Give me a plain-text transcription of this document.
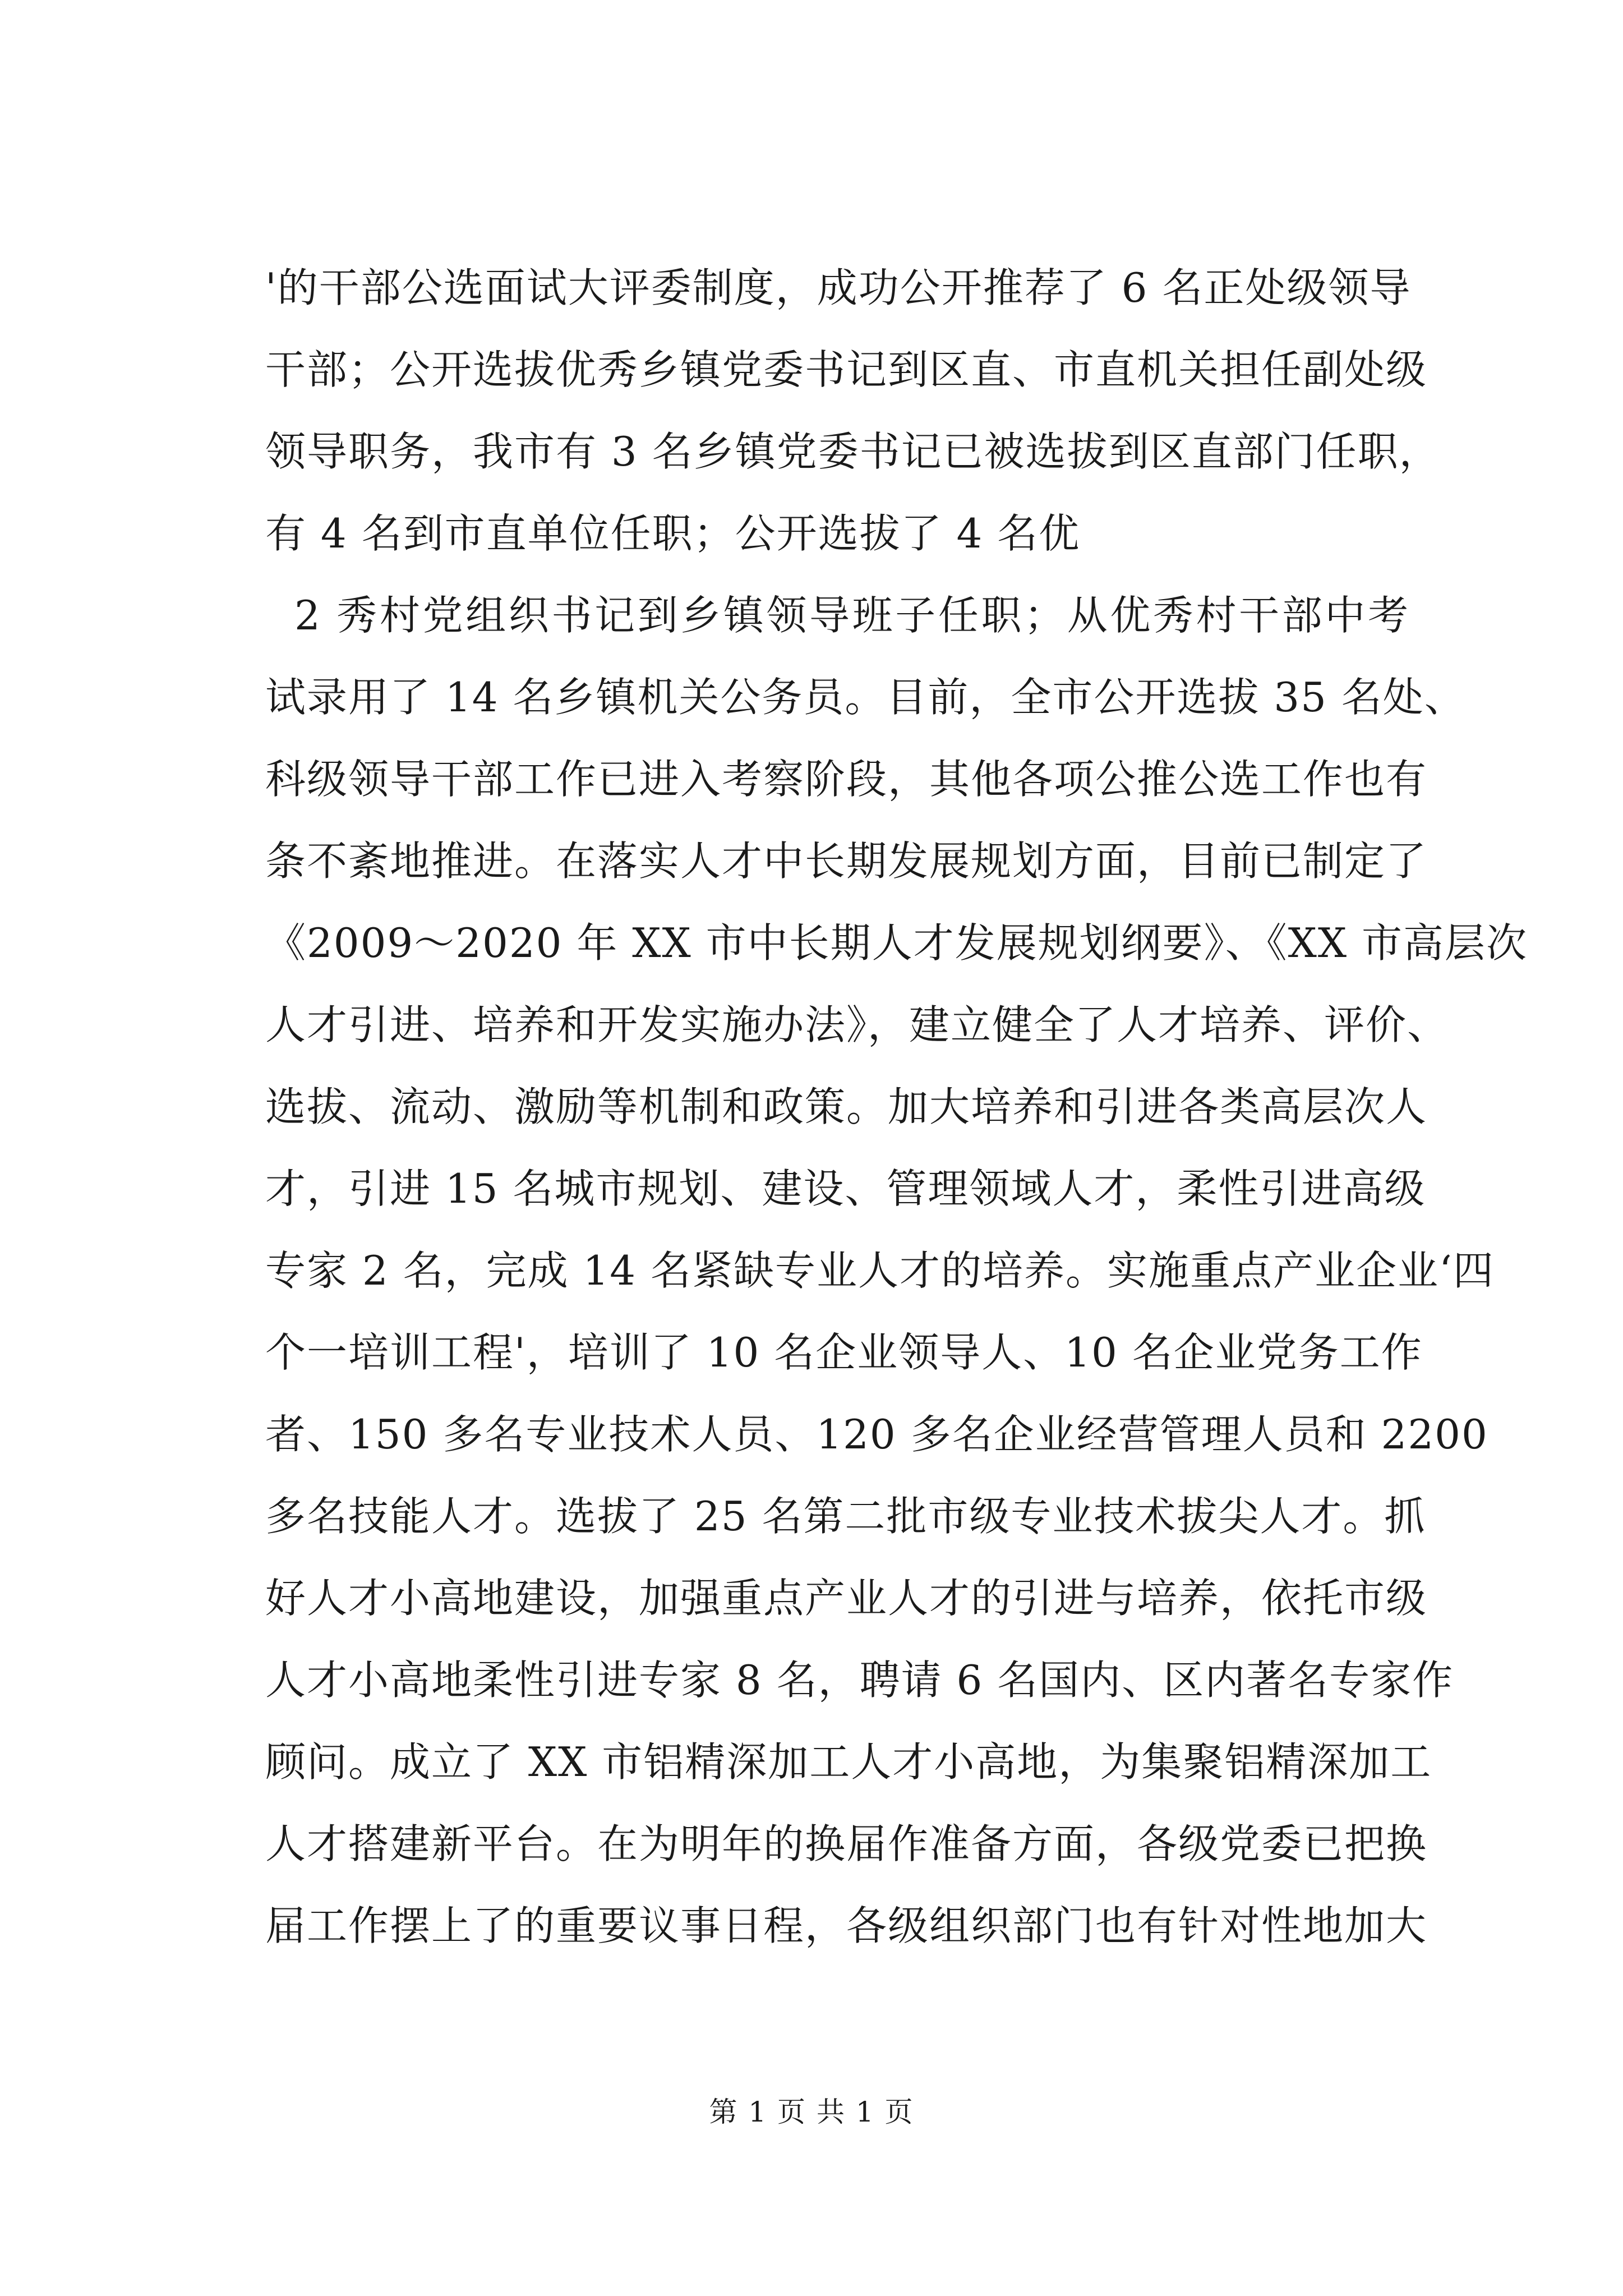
'的干部公选面试大评委制度，成功公开推荐了 6 名正处级领导
干部；公开选拔优秀乡镇党委书记到区直、市直机关担任副处级
领导职务，我市有 3 名乡镇党委书记已被选拔到区直部门任职，
有 4 名到市直单位任职；公开选拔了 4 名优
2 秀村党组织书记到乡镇领导班子任职；从优秀村干部中考
试录用了 14 名乡镇机关公务员。目前，全市公开选拔 35 名处、
科级领导干部工作已进入考察阶段，其他各项公推公选工作也有
条不紊地推进。在落实人才中长期发展规划方面，目前已制定了
《2009～2020 年 XX 市中长期人才发展规划纲要》、《XX 市高层次
人才引进、培养和开发实施办法》，建立健全了人才培养、评价、
选拔、流动、激励等机制和政策。加大培养和引进各类高层次人
才，引进 15 名城市规划、建设、管理领域人才，柔性引进高级
专家 2 名，完成 14 名紧缺专业人才的培养。实施重点产业企业‘四
个一培训工程'，培训了 10 名企业领导人、10 名企业党务工作
者、150 多名专业技术人员、120 多名企业经营管理人员和 2200
多名技能人才。选拔了 25 名第二批市级专业技术拔尖人才。抓
好人才小高地建设，加强重点产业人才的引进与培养，依托市级
人才小高地柔性引进专家 8 名，聘请 6 名国内、区内著名专家作
顾问。成立了 XX 市铝精深加工人才小高地，为集聚铝精深加工
人才搭建新平台。在为明年的换届作准备方面，各级党委已把换
届工作摆上了的重要议事日程，各级组织部门也有针对性地加大
第 1 页 共 1 页
